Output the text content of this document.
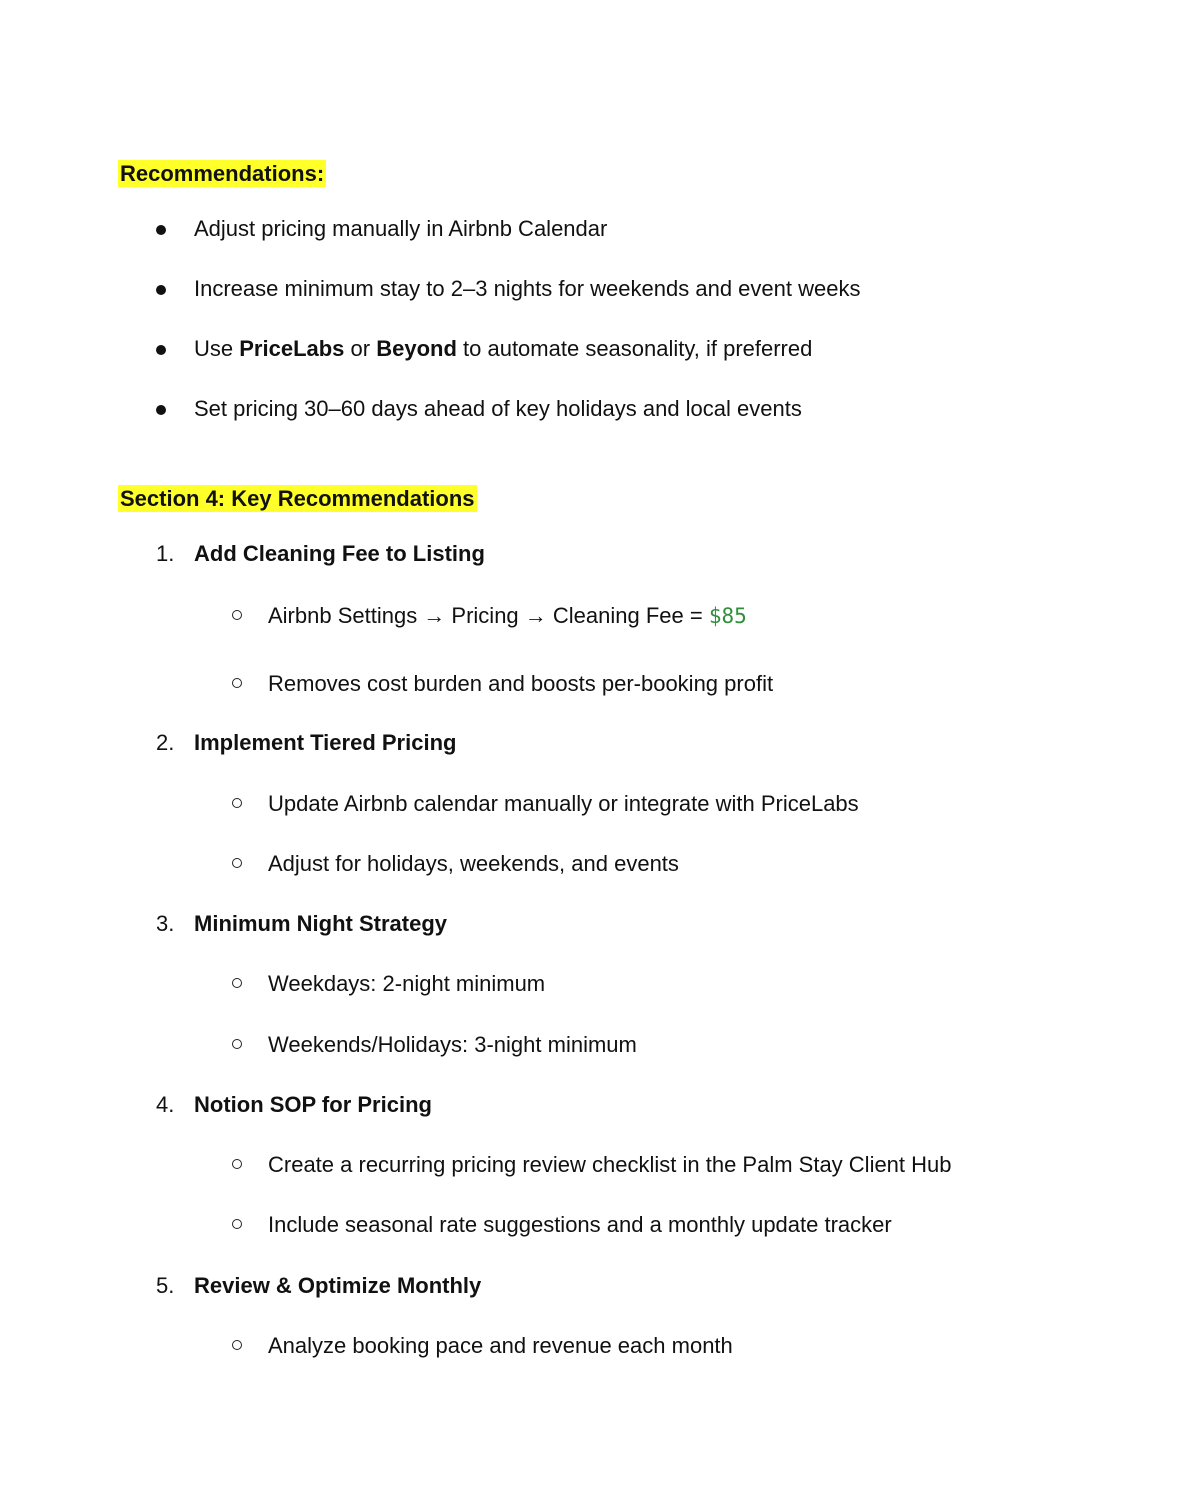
Recommendations:
Adjust pricing manually in Airbnb Calendar
Increase minimum stay to 2–3 nights for weekends and event weeks
Use PriceLabs or Beyond to automate seasonality, if preferred
Set pricing 30–60 days ahead of key holidays and local events
Section 4: Key Recommendations
1. Add Cleaning Fee to Listing
Airbnb Settings → Pricing → Cleaning Fee = $85
Removes cost burden and boosts per-booking profit
2. Implement Tiered Pricing
Update Airbnb calendar manually or integrate with PriceLabs
Adjust for holidays, weekends, and events
3. Minimum Night Strategy
Weekdays: 2-night minimum
Weekends/Holidays: 3-night minimum
4. Notion SOP for Pricing
Create a recurring pricing review checklist in the Palm Stay Client Hub
Include seasonal rate suggestions and a monthly update tracker
5. Review & Optimize Monthly
Analyze booking pace and revenue each month
